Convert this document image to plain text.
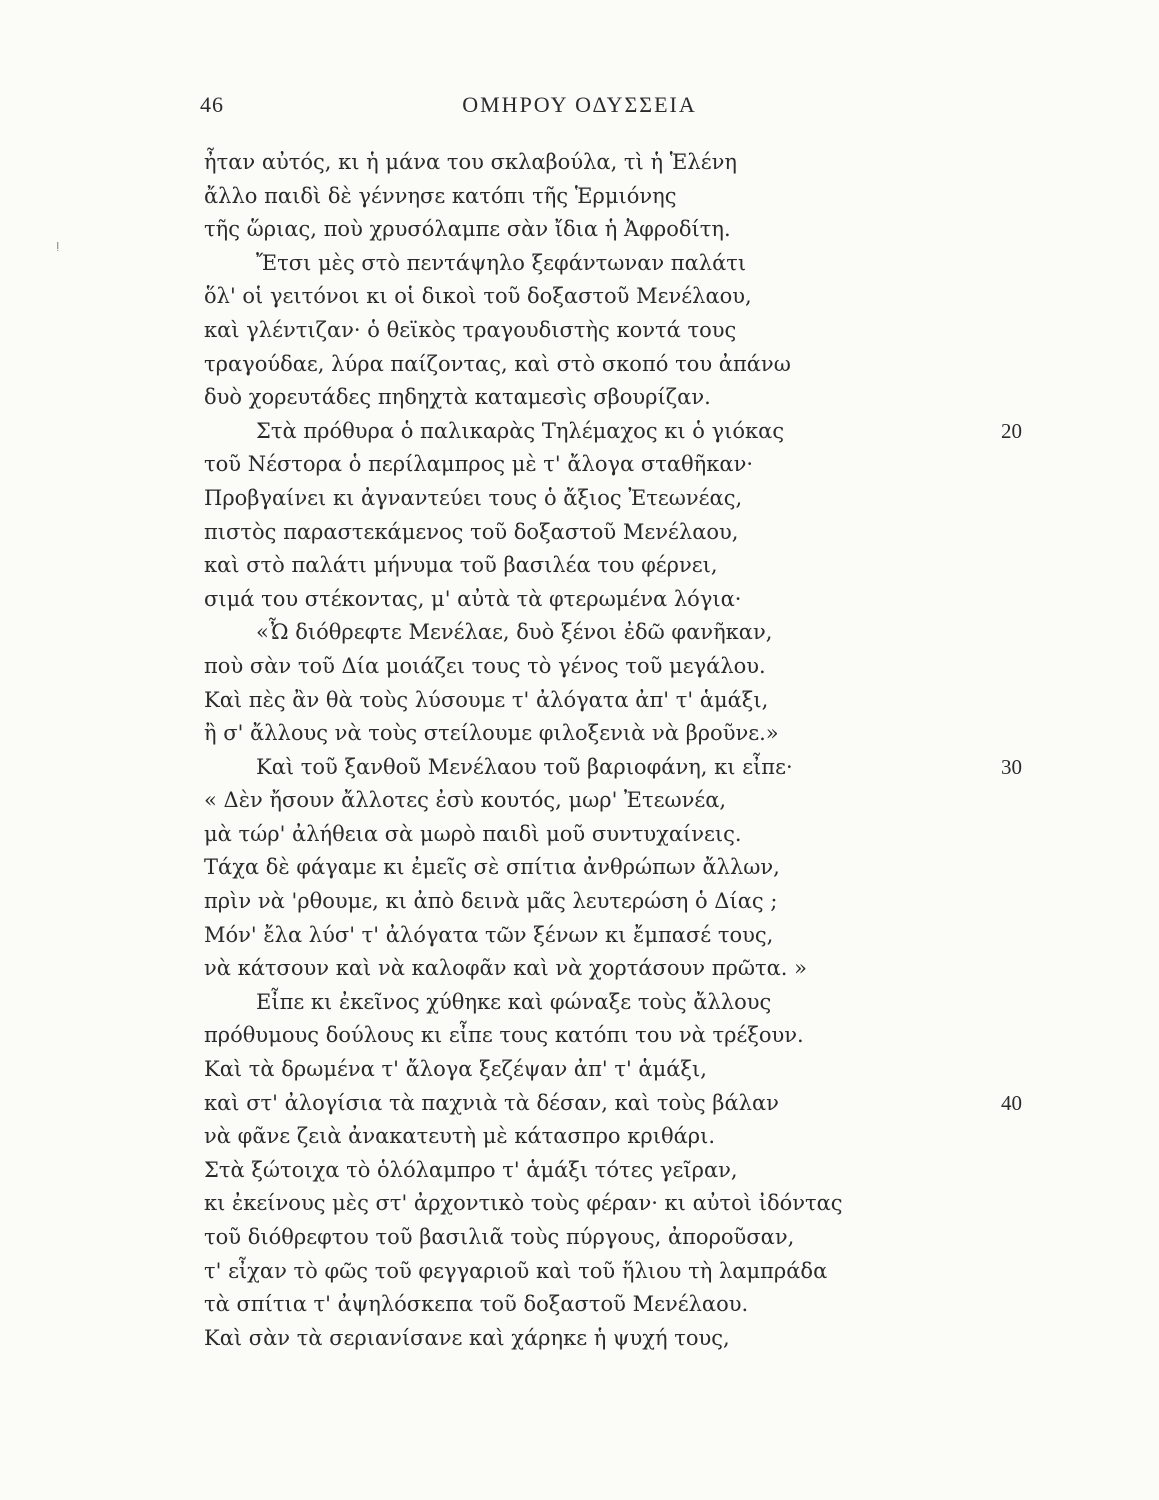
46	ΟΜΗΡΟΥ ΟΔΥΣΣΕΙΑ
ǃ
ἦταν αὐτός, κι ἡ μάνα του σκλαβούλα, τὶ ἡ Ἑλένη
ἄλλο παιδὶ δὲ γέννησε κατόπι τῆς Ἑρμιόνης
τῆς ὥριας, ποὺ χρυσόλαμπε σὰν ἴδια ἡ Ἀφροδίτη.
Ἔτσι μὲς στὸ πεντάψηλο ξεφάντωναν παλάτι
ὅλ' οἱ γειτόνοι κι οἱ δικοὶ τοῦ δοξαστοῦ Μενέλαου,
καὶ γλέντιζαν· ὁ θεϊκὸς τραγουδιστὴς κοντά τους
τραγούδαε, λύρα παίζοντας, καὶ στὸ σκοπό του ἀπάνω
δυὸ χορευτάδες πηδηχτὰ καταμεσὶς σβουρίζαν.
Στὰ πρόθυρα ὁ παλικαρὰς Τηλέμαχος κι ὁ γιόκας	20
τοῦ Νέστορα ὁ περίλαμπρος μὲ τ' ἄλογα σταθῆκαν·
Προβγαίνει κι ἀγναντεύει τους ὁ ἄξιος Ἐτεωνέας,
πιστὸς παραστεκάμενος τοῦ δοξαστοῦ Μενέλαου,
καὶ στὸ παλάτι μήνυμα τοῦ βασιλέα του φέρνει,
σιμά του στέκοντας, μ' αὐτὰ τὰ φτερωμένα λόγια·
«Ὦ διόθρεφτε Μενέλαε, δυὸ ξένοι ἐδῶ φανῆκαν,
ποὺ σὰν τοῦ Δία μοιάζει τους τὸ γένος τοῦ μεγάλου.
Καὶ πὲς ἂν θὰ τοὺς λύσουμε τ' ἀλόγατα ἀπ' τ' ἁμάξι,
ἢ σ' ἄλλους νὰ τοὺς στείλουμε φιλοξενιὰ νὰ βροῦνε.»
Καὶ τοῦ ξανθοῦ Μενέλαου τοῦ βαριοφάνη, κι εἶπε·	30
« Δὲν ἤσουν ἄλλοτες ἐσὺ κουτός, μωρ' Ἐτεωνέα,
μὰ τώρ' ἀλήθεια σὰ μωρὸ παιδὶ μοῦ συντυχαίνεις.
Τάχα δὲ φάγαμε κι ἐμεῖς σὲ σπίτια ἀνθρώπων ἄλλων,
πρὶν νὰ 'ρθουμε, κι ἀπὸ δεινὰ μᾶς λευτερώση ὁ Δίας ;
Μόν' ἔλα λύσ' τ' ἀλόγατα τῶν ξένων κι ἔμπασέ τους,
νὰ κάτσουν καὶ νὰ καλοφᾶν καὶ νὰ χορτάσουν πρῶτα. »
Εἶπε κι ἐκεῖνος χύθηκε καὶ φώναξε τοὺς ἄλλους
πρόθυμους δούλους κι εἶπε τους κατόπι του νὰ τρέξουν.
Καὶ τὰ δρωμένα τ' ἄλογα ξεζέψαν ἀπ' τ' ἁμάξι,
καὶ στ' ἀλογίσια τὰ παχνιὰ τὰ δέσαν, καὶ τοὺς βάλαν	40
νὰ φᾶνε ζειὰ ἀνακατευτὴ μὲ κάτασπρο κριθάρι.
Στὰ ξώτοιχα τὸ ὁλόλαμπρο τ' ἁμάξι τότες γεῖραν,
κι ἐκείνους μὲς στ' ἀρχοντικὸ τοὺς φέραν· κι αὐτοὶ ἰδόντας
τοῦ διόθρεφτου τοῦ βασιλιᾶ τοὺς πύργους, ἀποροῦσαν,
τ' εἶχαν τὸ φῶς τοῦ φεγγαριοῦ καὶ τοῦ ἥλιου τὴ λαμπράδα
τὰ σπίτια τ' ἀψηλόσκεπα τοῦ δοξαστοῦ Μενέλαου.
Καὶ σὰν τὰ σεριανίσανε καὶ χάρηκε ἡ ψυχή τους,
